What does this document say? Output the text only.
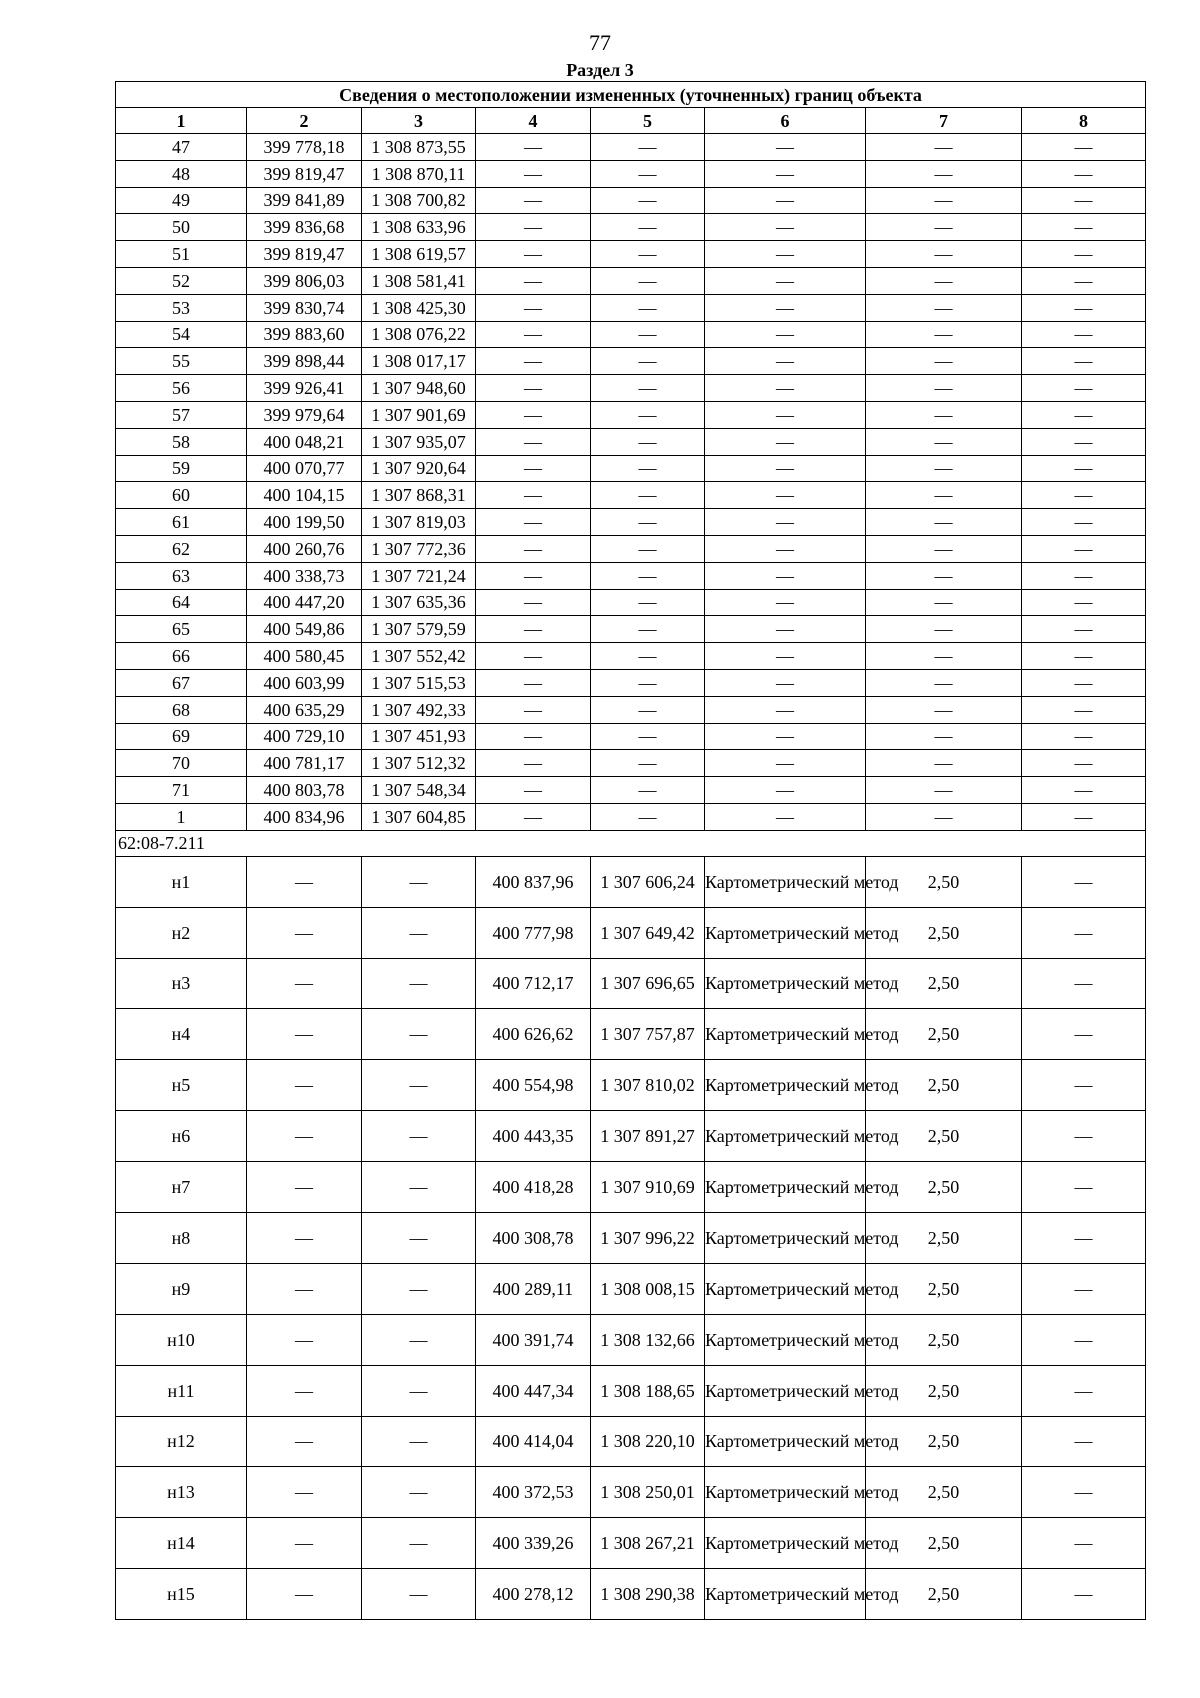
77
Раздел 3
Сведения о местоположении измененных (уточненных) границ объекта							
1	2	3	4	5	6	7	8
47	399 778,18	1 308 873,55	—	—	—	—	—
48	399 819,47	1 308 870,11	—	—	—	—	—
49	399 841,89	1 308 700,82	—	—	—	—	—
50	399 836,68	1 308 633,96	—	—	—	—	—
51	399 819,47	1 308 619,57	—	—	—	—	—
52	399 806,03	1 308 581,41	—	—	—	—	—
53	399 830,74	1 308 425,30	—	—	—	—	—
54	399 883,60	1 308 076,22	—	—	—	—	—
55	399 898,44	1 308 017,17	—	—	—	—	—
56	399 926,41	1 307 948,60	—	—	—	—	—
57	399 979,64	1 307 901,69	—	—	—	—	—
58	400 048,21	1 307 935,07	—	—	—	—	—
59	400 070,77	1 307 920,64	—	—	—	—	—
60	400 104,15	1 307 868,31	—	—	—	—	—
61	400 199,50	1 307 819,03	—	—	—	—	—
62	400 260,76	1 307 772,36	—	—	—	—	—
63	400 338,73	1 307 721,24	—	—	—	—	—
64	400 447,20	1 307 635,36	—	—	—	—	—
65	400 549,86	1 307 579,59	—	—	—	—	—
66	400 580,45	1 307 552,42	—	—	—	—	—
67	400 603,99	1 307 515,53	—	—	—	—	—
68	400 635,29	1 307 492,33	—	—	—	—	—
69	400 729,10	1 307 451,93	—	—	—	—	—
70	400 781,17	1 307 512,32	—	—	—	—	—
71	400 803,78	1 307 548,34	—	—	—	—	—
1	400 834,96	1 307 604,85	—	—	—	—	—
62:08-7.211							
н1	—	—	400 837,96	1 307 606,24	Картометрический метод	2,50	—
н2	—	—	400 777,98	1 307 649,42	Картометрический метод	2,50	—
н3	—	—	400 712,17	1 307 696,65	Картометрический метод	2,50	—
н4	—	—	400 626,62	1 307 757,87	Картометрический метод	2,50	—
н5	—	—	400 554,98	1 307 810,02	Картометрический метод	2,50	—
н6	—	—	400 443,35	1 307 891,27	Картометрический метод	2,50	—
н7	—	—	400 418,28	1 307 910,69	Картометрический метод	2,50	—
н8	—	—	400 308,78	1 307 996,22	Картометрический метод	2,50	—
н9	—	—	400 289,11	1 308 008,15	Картометрический метод	2,50	—
н10	—	—	400 391,74	1 308 132,66	Картометрический метод	2,50	—
н11	—	—	400 447,34	1 308 188,65	Картометрический метод	2,50	—
н12	—	—	400 414,04	1 308 220,10	Картометрический метод	2,50	—
н13	—	—	400 372,53	1 308 250,01	Картометрический метод	2,50	—
н14	—	—	400 339,26	1 308 267,21	Картометрический метод	2,50	—
н15	—	—	400 278,12	1 308 290,38	Картометрический метод	2,50	—
